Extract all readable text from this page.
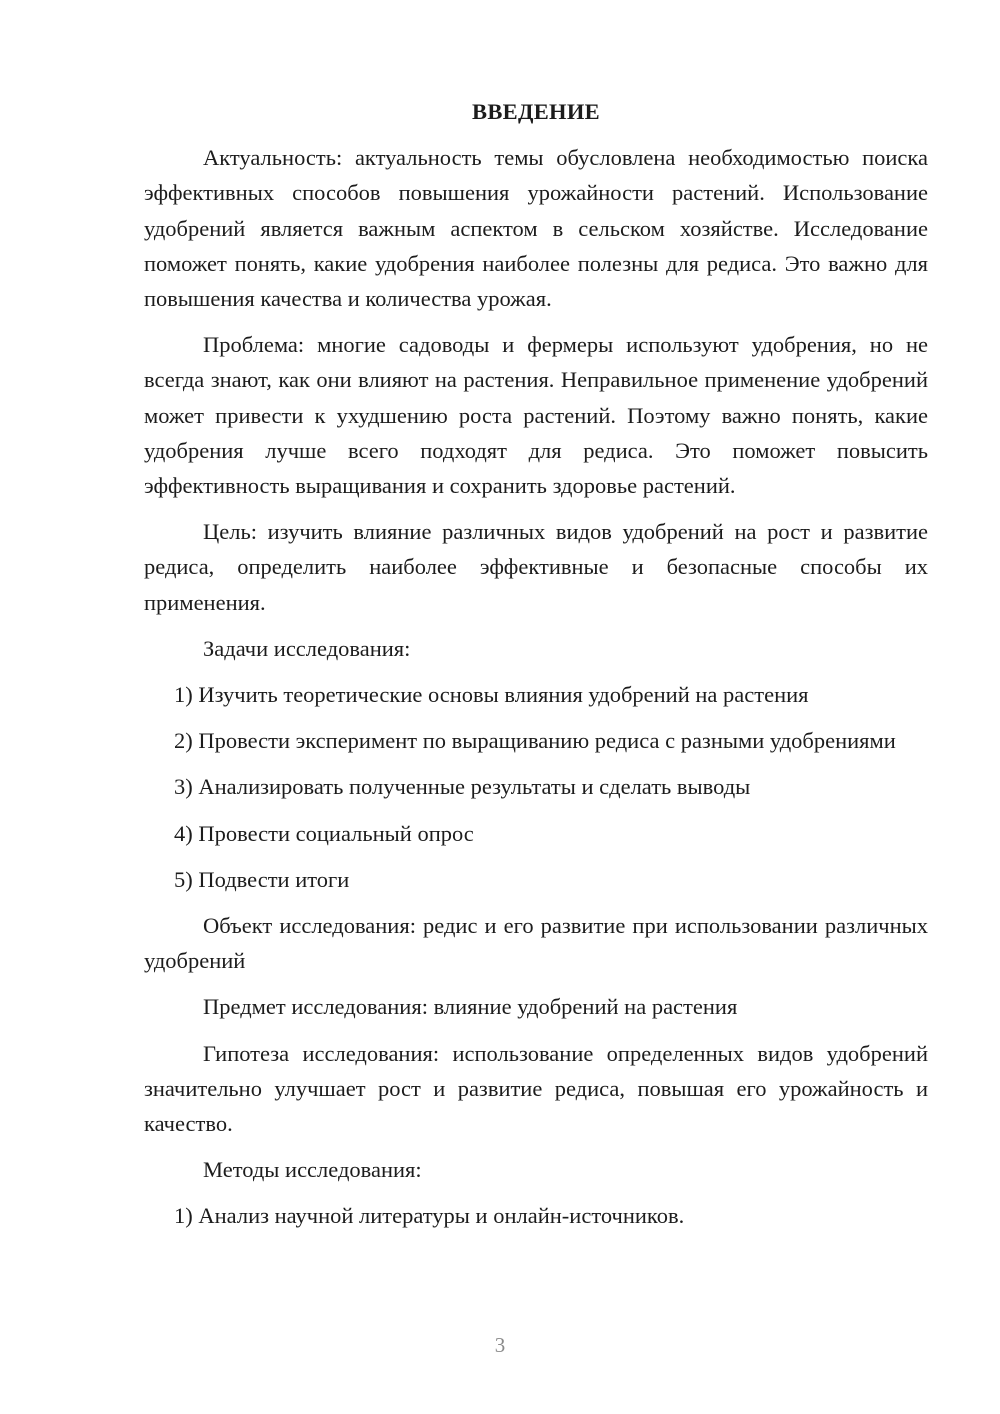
ВВЕДЕНИЕ

Актуальность: актуальность темы обусловлена необходимостью поиска эффективных способов повышения урожайности растений. Использование удобрений является важным аспектом в сельском хозяйстве. Исследование поможет понять, какие удобрения наиболее полезны для редиса. Это важно для повышения качества и количества урожая.

Проблема: многие садоводы и фермеры используют удобрения, но не всегда знают, как они влияют на растения. Неправильное применение удобрений может привести к ухудшению роста растений. Поэтому важно понять, какие удобрения лучше всего подходят для редиса. Это поможет повысить эффективность выращивания и сохранить здоровье растений.

Цель: изучить влияние различных видов удобрений на рост и развитие редиса, определить наиболее эффективные и безопасные способы их применения.

Задачи исследования:

1) Изучить теоретические основы влияния удобрений на растения

2) Провести эксперимент по выращиванию редиса с разными удобрениями

3) Анализировать полученные результаты и сделать выводы

4) Провести социальный опрос

5) Подвести итоги

Объект исследования: редис и его развитие при использовании различных удобрений

Предмет исследования: влияние удобрений на растения

Гипотеза исследования: использование определенных видов удобрений значительно улучшает рост и развитие редиса, повышая его урожайность и качество.

Методы исследования:

1) Анализ научной литературы и онлайн-источников.

3
